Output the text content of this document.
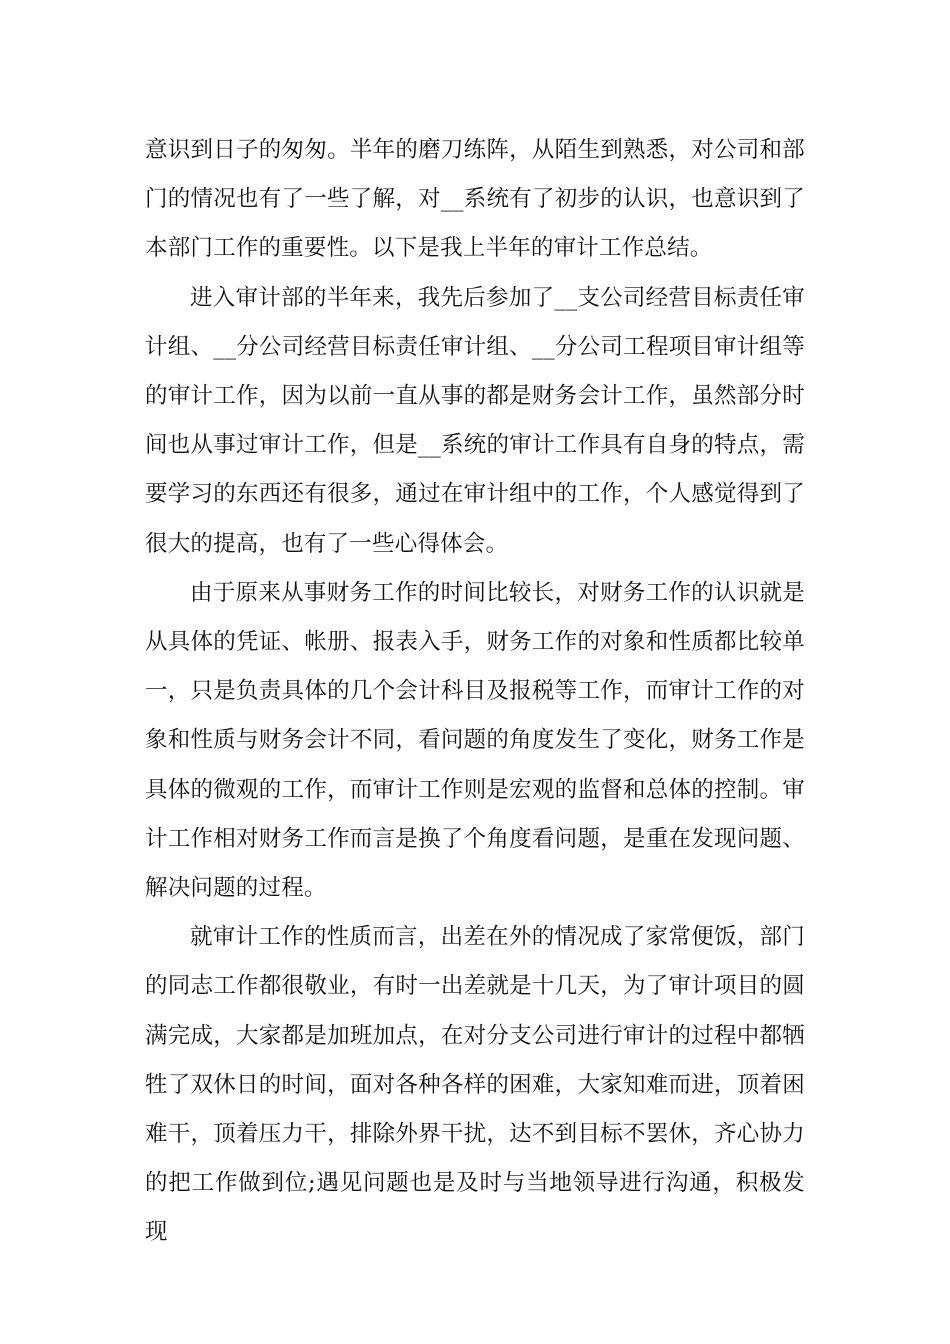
意识到日子的匆匆。半年的磨刀练阵，从陌生到熟悉，对公司和部门的情况也有了一些了解，对__系统有了初步的认识，也意识到了本部门工作的重要性。以下是我上半年的审计工作总结。

进入审计部的半年来，我先后参加了__支公司经营目标责任审计组、__分公司经营目标责任审计组、__分公司工程项目审计组等的审计工作，因为以前一直从事的都是财务会计工作，虽然部分时间也从事过审计工作，但是__系统的审计工作具有自身的特点，需要学习的东西还有很多，通过在审计组中的工作，个人感觉得到了很大的提高，也有了一些心得体会。

由于原来从事财务工作的时间比较长，对财务工作的认识就是从具体的凭证、帐册、报表入手，财务工作的对象和性质都比较单一，只是负责具体的几个会计科目及报税等工作，而审计工作的对象和性质与财务会计不同，看问题的角度发生了变化，财务工作是具体的微观的工作，而审计工作则是宏观的监督和总体的控制。审计工作相对财务工作而言是换了个角度看问题，是重在发现问题、解决问题的过程。

就审计工作的性质而言，出差在外的情况成了家常便饭，部门的同志工作都很敬业，有时一出差就是十几天，为了审计项目的圆满完成，大家都是加班加点，在对分支公司进行审计的过程中都牺牲了双休日的时间，面对各种各样的困难，大家知难而进，顶着困难干，顶着压力干，排除外界干扰，达不到目标不罢休，齐心协力的把工作做到位;遇见问题也是及时与当地领导进行沟通，积极发现
